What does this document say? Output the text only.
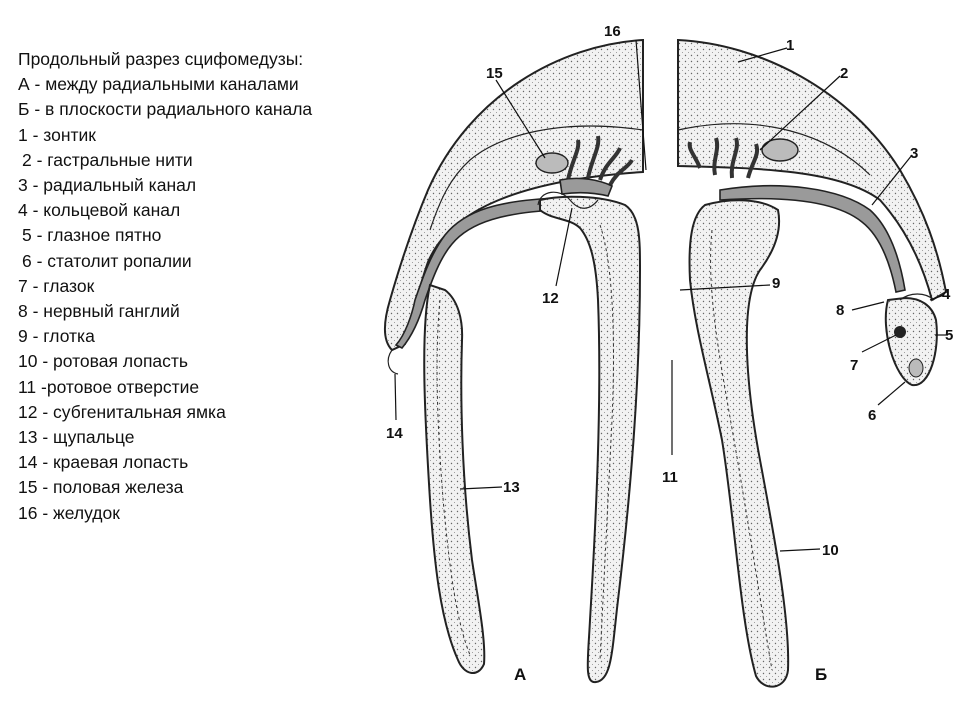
Продольный разрез сцифомедузы:
А - между радиальными каналами
Б - в плоскости радиального канала
1 - зонтик
2 - гастральные нити
3 - радиальный канал
4 - кольцевой канал
5 - глазное пятно
6 - статолит ропалии
7 - глазок
8 - нервный ганглий
9 - глотка
10 - ротовая лопасть
11 -ротовое отверстие
12 - субгенитальная ямка
13 - щупальце
14 - краевая лопасть
15 - половая железа
16 - желудок
1
2
3
4
5
6
7
8
9
10
11
12
13
14
15
16
А	Б
